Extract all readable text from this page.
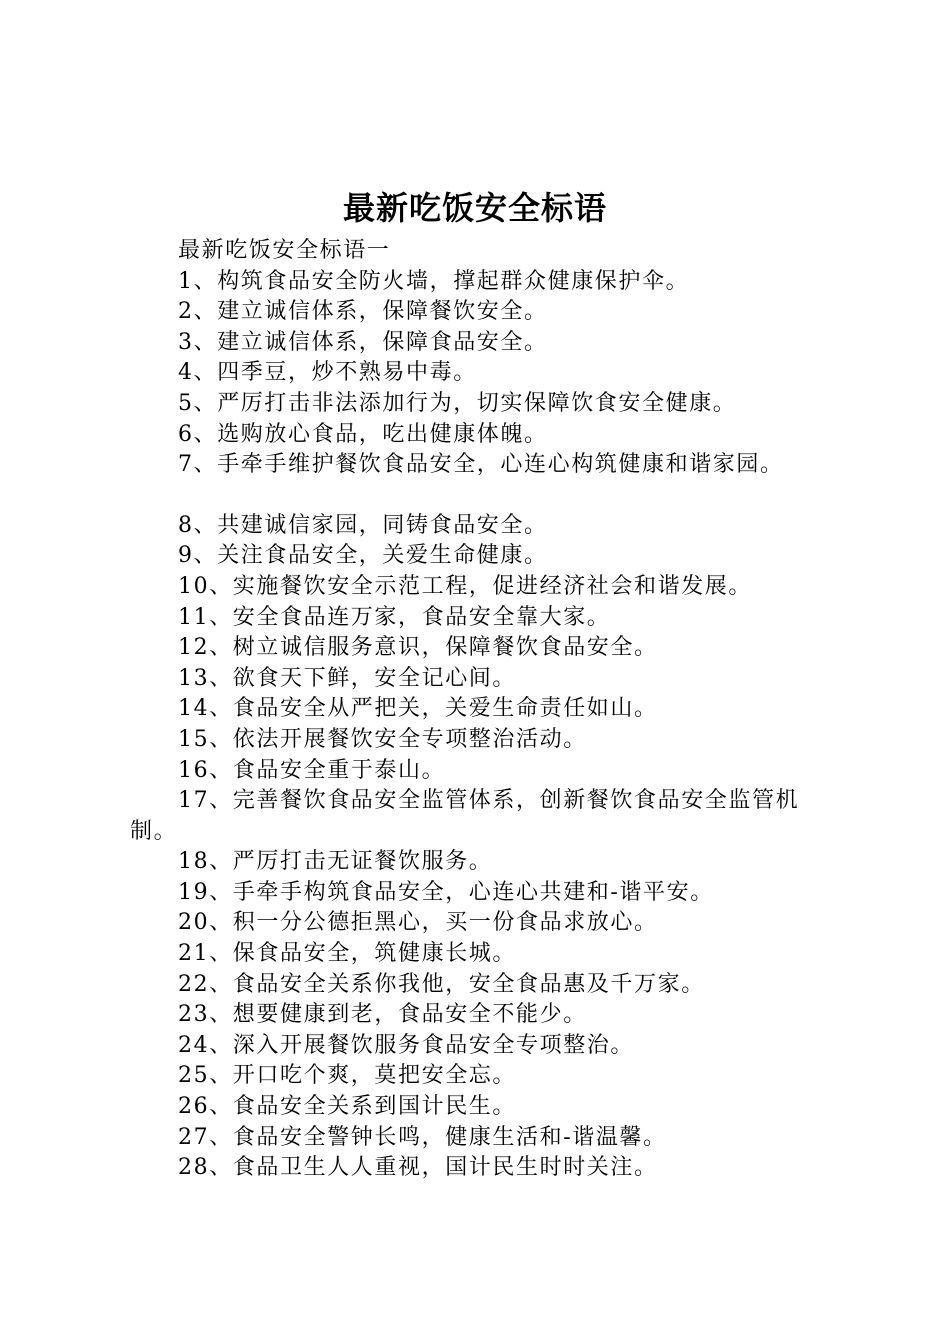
最新吃饭安全标语

最新吃饭安全标语一

1、构筑食品安全防火墙，撑起群众健康保护伞。

2、建立诚信体系，保障餐饮安全。

3、建立诚信体系，保障食品安全。

4、四季豆，炒不熟易中毒。

5、严厉打击非法添加行为，切实保障饮食安全健康。

6、选购放心食品，吃出健康体魄。

7、手牵手维护餐饮食品安全，心连心构筑健康和谐家园。

8、共建诚信家园，同铸食品安全。

9、关注食品安全，关爱生命健康。

10、实施餐饮安全示范工程，促进经济社会和谐发展。

11、安全食品连万家，食品安全靠大家。

12、树立诚信服务意识，保障餐饮食品安全。

13、欲食天下鲜，安全记心间。

14、食品安全从严把关，关爱生命责任如山。

15、依法开展餐饮安全专项整治活动。

16、食品安全重于泰山。

17、完善餐饮食品安全监管体系，创新餐饮食品安全监管机制。

18、严厉打击无证餐饮服务。

19、手牵手构筑食品安全，心连心共建和-谐平安。

20、积一分公德拒黑心，买一份食品求放心。

21、保食品安全，筑健康长城。

22、食品安全关系你我他，安全食品惠及千万家。

23、想要健康到老，食品安全不能少。

24、深入开展餐饮服务食品安全专项整治。

25、开口吃个爽，莫把安全忘。

26、食品安全关系到国计民生。

27、食品安全警钟长鸣，健康生活和-谐温馨。

28、食品卫生人人重视，国计民生时时关注。
